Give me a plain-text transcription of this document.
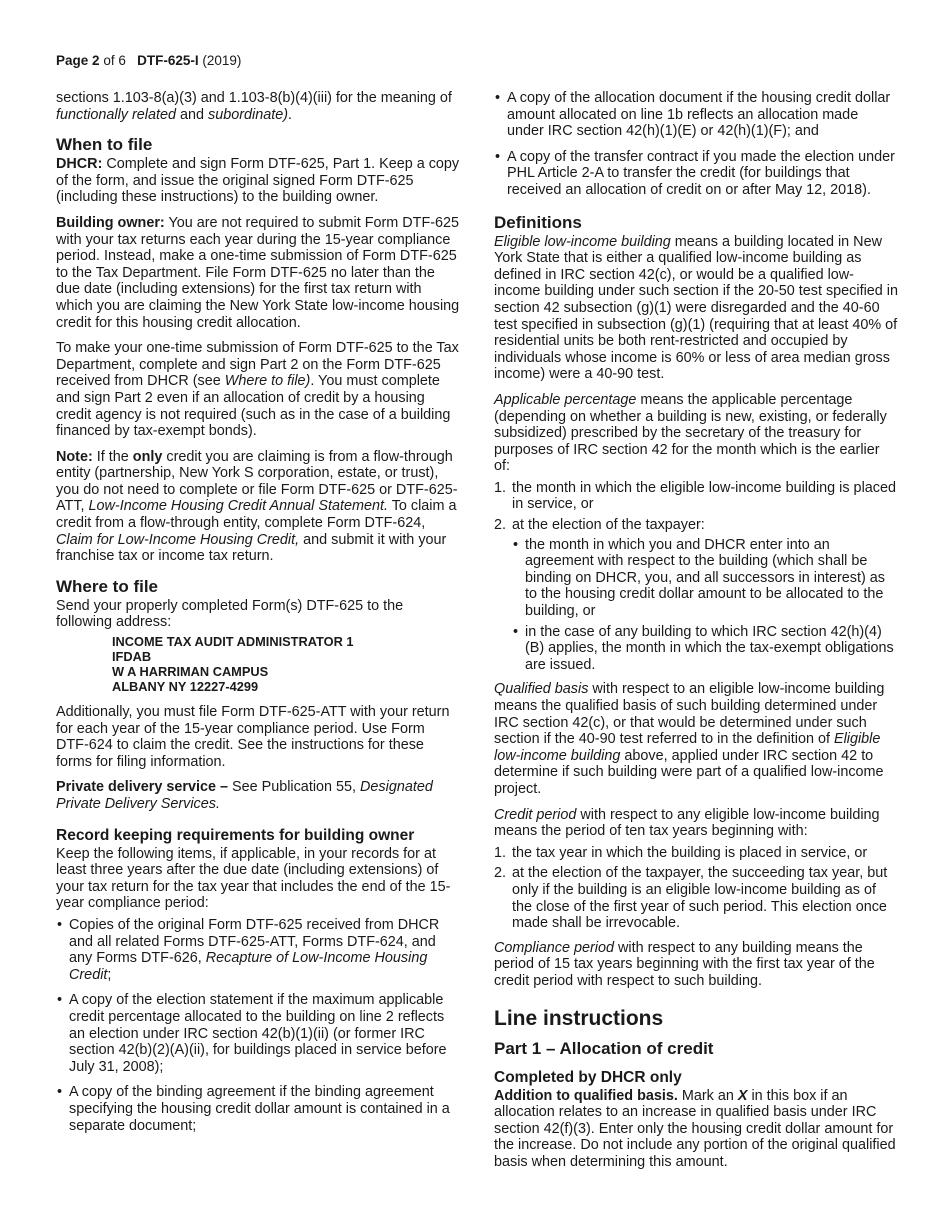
Page 2 of 6 DTF-625-I (2019)

sections 1.103-8(a)(3) and 1.103-8(b)(4)(iii) for the meaning of functionally related and subordinate).

When to file

DHCR: Complete and sign Form DTF-625, Part 1. Keep a copy of the form, and issue the original signed Form DTF-625 (including these instructions) to the building owner.

Building owner: You are not required to submit Form DTF-625 with your tax returns each year during the 15-year compliance period. Instead, make a one-time submission of Form DTF-625 to the Tax Department. File Form DTF-625 no later than the due date (including extensions) for the first tax return with which you are claiming the New York State low-income housing credit for this housing credit allocation.

To make your one-time submission of Form DTF-625 to the Tax Department, complete and sign Part 2 on the Form DTF-625 received from DHCR (see Where to file). You must complete and sign Part 2 even if an allocation of credit by a housing credit agency is not required (such as in the case of a building financed by tax-exempt bonds).

Note: If the only credit you are claiming is from a flow-through entity (partnership, New York S corporation, estate, or trust), you do not need to complete or file Form DTF-625 or DTF-625-ATT, Low-Income Housing Credit Annual Statement. To claim a credit from a flow-through entity, complete Form DTF-624, Claim for Low-Income Housing Credit, and submit it with your franchise tax or income tax return.

Where to file

Send your properly completed Form(s) DTF-625 to the following address:

INCOME TAX AUDIT ADMINISTRATOR 1
IFDAB
W A HARRIMAN CAMPUS
ALBANY NY 12227-4299

Additionally, you must file Form DTF-625-ATT with your return for each year of the 15-year compliance period. Use Form DTF-624 to claim the credit. See the instructions for these forms for filing information.

Private delivery service – See Publication 55, Designated Private Delivery Services.

Record keeping requirements for building owner

Keep the following items, if applicable, in your records for at least three years after the due date (including extensions) of your tax return for the tax year that includes the end of the 15-year compliance period:

• Copies of the original Form DTF-625 received from DHCR and all related Forms DTF-625-ATT, Forms DTF-624, and any Forms DTF-626, Recapture of Low-Income Housing Credit;
• A copy of the election statement if the maximum applicable credit percentage allocated to the building on line 2 reflects an election under IRC section 42(b)(1)(ii) (or former IRC section 42(b)(2)(A)(ii), for buildings placed in service before July 31, 2008);
• A copy of the binding agreement if the binding agreement specifying the housing credit dollar amount is contained in a separate document;
• A copy of the allocation document if the housing credit dollar amount allocated on line 1b reflects an allocation made under IRC section 42(h)(1)(E) or 42(h)(1)(F); and
• A copy of the transfer contract if you made the election under PHL Article 2-A to transfer the credit (for buildings that received an allocation of credit on or after May 12, 2018).
Definitions

Eligible low-income building means a building located in New York State that is either a qualified low-income building as defined in IRC section 42(c), or would be a qualified low-income building under such section if the 20-50 test specified in section 42 subsection (g)(1) were disregarded and the 40-60 test specified in subsection (g)(1) (requiring that at least 40% of residential units be both rent-restricted and occupied by individuals whose income is 60% or less of area median gross income) were a 40-90 test.

Applicable percentage means the applicable percentage (depending on whether a building is new, existing, or federally subsidized) prescribed by the secretary of the treasury for purposes of IRC section 42 for the month which is the earlier of:

1. the month in which the eligible low-income building is placed in service, or
2. at the election of the taxpayer:
• the month in which you and DHCR enter into an agreement with respect to the building (which shall be binding on DHCR, you, and all successors in interest) as to the housing credit dollar amount to be allocated to the building, or
• in the case of any building to which IRC section 42(h)(4)(B) applies, the month in which the tax-exempt obligations are issued.

Qualified basis with respect to an eligible low-income building means the qualified basis of such building determined under IRC section 42(c), or that would be determined under such section if the 40-90 test referred to in the definition of Eligible low-income building above, applied under IRC section 42 to determine if such building were part of a qualified low-income project.

Credit period with respect to any eligible low-income building means the period of ten tax years beginning with:

1. the tax year in which the building is placed in service, or
2. at the election of the taxpayer, the succeeding tax year, but only if the building is an eligible low-income building as of the close of the first year of such period. This election once made shall be irrevocable.

Compliance period with respect to any building means the period of 15 tax years beginning with the first tax year of the credit period with respect to such building.

Line instructions
Part 1 – Allocation of credit
Completed by DHCR only

Addition to qualified basis. Mark an X in this box if an allocation relates to an increase in qualified basis under IRC section 42(f)(3). Enter only the housing credit dollar amount for the increase. Do not include any portion of the original qualified basis when determining this amount.
